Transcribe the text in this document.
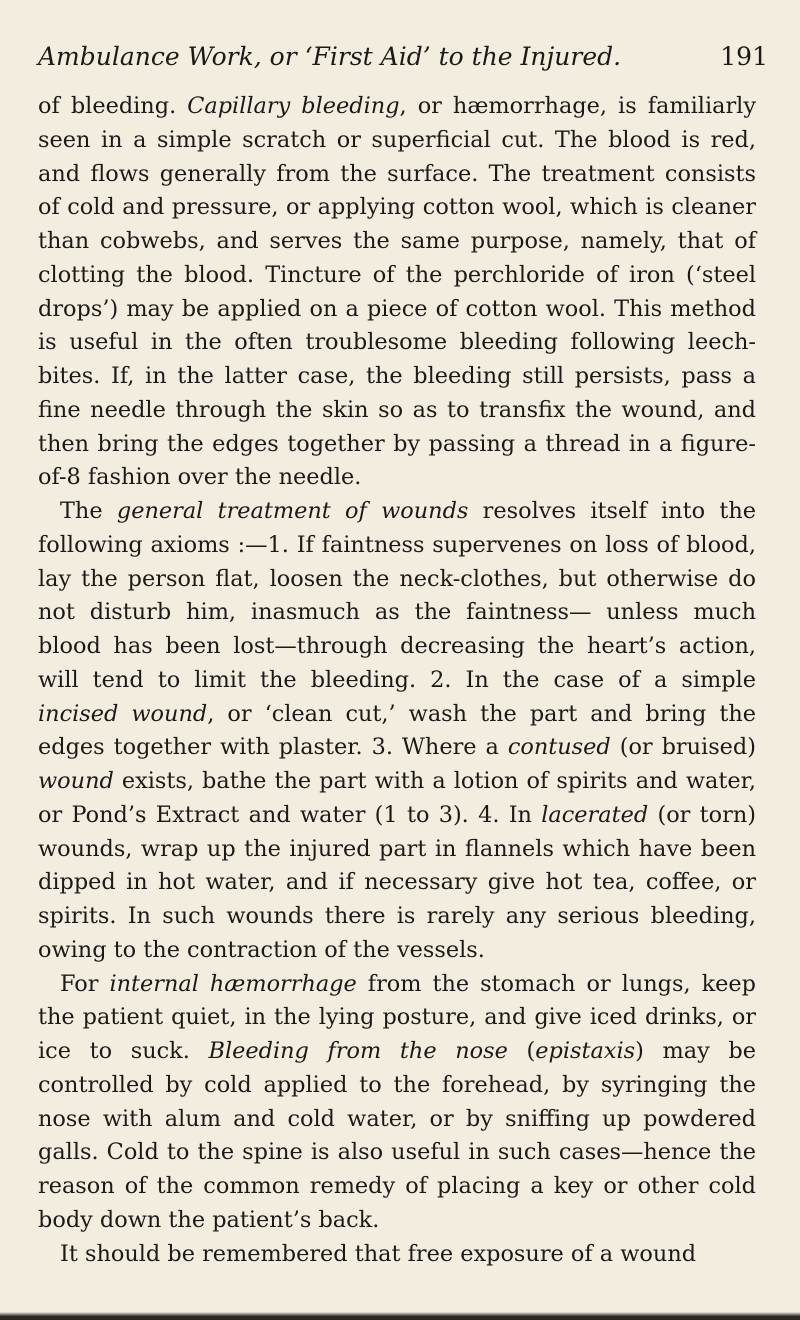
Ambulance Work, or ‘First Aid’ to the Injured.	191

of bleeding. Capillary bleeding, or hæmorrhage, is familiarly seen in a simple scratch or superficial cut. The blood is red, and flows generally from the surface. The treatment consists of cold and pressure, or applying cotton wool, which is cleaner than cobwebs, and serves the same purpose, namely, that of clotting the blood. Tincture of the perchloride of iron (‘steel drops’) may be applied on a piece of cotton wool. This method is useful in the often troublesome bleeding following leech-bites. If, in the latter case, the bleeding still persists, pass a fine needle through the skin so as to transfix the wound, and then bring the edges together by passing a thread in a figure-of-8 fashion over the needle.

The general treatment of wounds resolves itself into the following axioms :—1. If faintness supervenes on loss of blood, lay the person flat, loosen the neck-clothes, but otherwise do not disturb him, inasmuch as the faintness— unless much blood has been lost—through decreasing the heart’s action, will tend to limit the bleeding. 2. In the case of a simple incised wound, or ‘clean cut,’ wash the part and bring the edges together with plaster. 3. Where a contused (or bruised) wound exists, bathe the part with a lotion of spirits and water, or Pond’s Extract and water (1 to 3). 4. In lacerated (or torn) wounds, wrap up the injured part in flannels which have been dipped in hot water, and if necessary give hot tea, coffee, or spirits. In such wounds there is rarely any serious bleeding, owing to the contraction of the vessels.

For internal hæmorrhage from the stomach or lungs, keep the patient quiet, in the lying posture, and give iced drinks, or ice to suck. Bleeding from the nose (epistaxis) may be controlled by cold applied to the forehead, by syringing the nose with alum and cold water, or by sniffing up powdered galls. Cold to the spine is also useful in such cases—hence the reason of the common remedy of placing a key or other cold body down the patient’s back.

It should be remembered that free exposure of a wound
